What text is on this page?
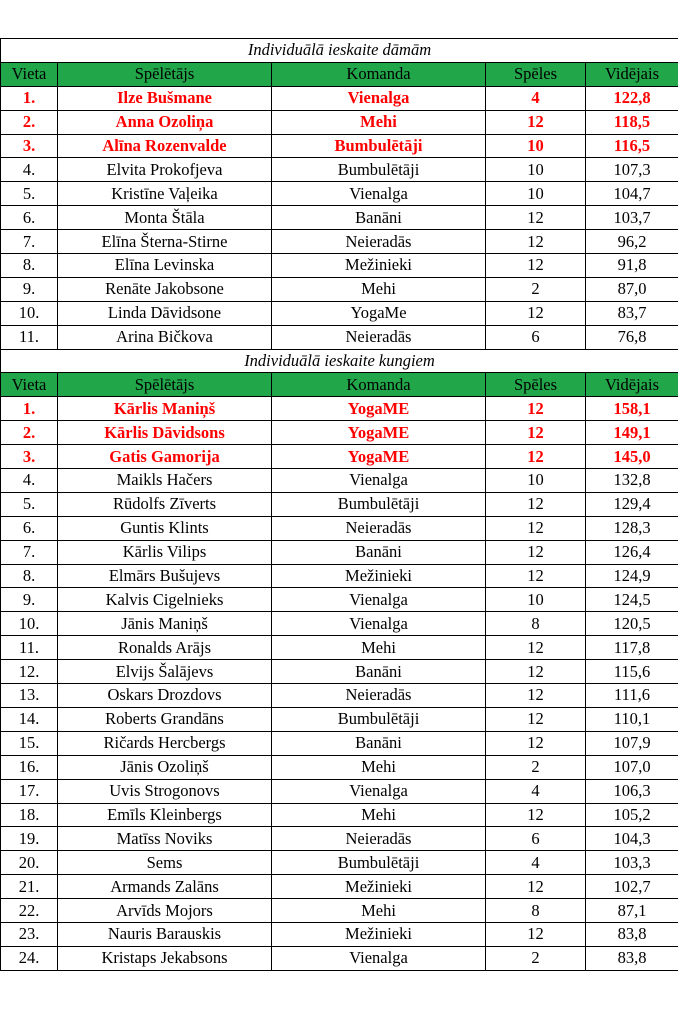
Individuālā ieskaite dāmām				
Vieta	Spēlētājs	Komanda	Spēles	Vidējais
1.	Ilze Bušmane	Vienalga	4	122,8
2.	Anna Ozoliņa	Mehi	12	118,5
3.	Alīna Rozenvalde	Bumbulētāji	10	116,5
4.	Elvita Prokofjeva	Bumbulētāji	10	107,3
5.	Kristīne Vaļeika	Vienalga	10	104,7
6.	Monta Štāla	Banāni	12	103,7
7.	Elīna Šterna-Stirne	Neieradās	12	96,2
8.	Elīna Levinska	Mežinieki	12	91,8
9.	Renāte Jakobsone	Mehi	2	87,0
10.	Linda Dāvidsone	YogaMe	12	83,7
11.	Arina Bičkova	Neieradās	6	76,8
Individuālā ieskaite kungiem				
Vieta	Spēlētājs	Komanda	Spēles	Vidējais
1.	Kārlis Maniņš	YogaME	12	158,1
2.	Kārlis Dāvidsons	YogaME	12	149,1
3.	Gatis Gamorija	YogaME	12	145,0
4.	Maikls Hačers	Vienalga	10	132,8
5.	Rūdolfs Zīverts	Bumbulētāji	12	129,4
6.	Guntis Klints	Neieradās	12	128,3
7.	Kārlis Vilips	Banāni	12	126,4
8.	Elmārs Bušujevs	Mežinieki	12	124,9
9.	Kalvis Cigelnieks	Vienalga	10	124,5
10.	Jānis Maniņš	Vienalga	8	120,5
11.	Ronalds Arājs	Mehi	12	117,8
12.	Elvijs Šalājevs	Banāni	12	115,6
13.	Oskars Drozdovs	Neieradās	12	111,6
14.	Roberts Grandāns	Bumbulētāji	12	110,1
15.	Ričards Hercbergs	Banāni	12	107,9
16.	Jānis Ozoliņš	Mehi	2	107,0
17.	Uvis Strogonovs	Vienalga	4	106,3
18.	Emīls Kleinbergs	Mehi	12	105,2
19.	Matīss Noviks	Neieradās	6	104,3
20.	Sems	Bumbulētāji	4	103,3
21.	Armands Zalāns	Mežinieki	12	102,7
22.	Arvīds Mojors	Mehi	8	87,1
23.	Nauris Barauskis	Mežinieki	12	83,8
24.	Kristaps Jekabsons	Vienalga	2	83,8
